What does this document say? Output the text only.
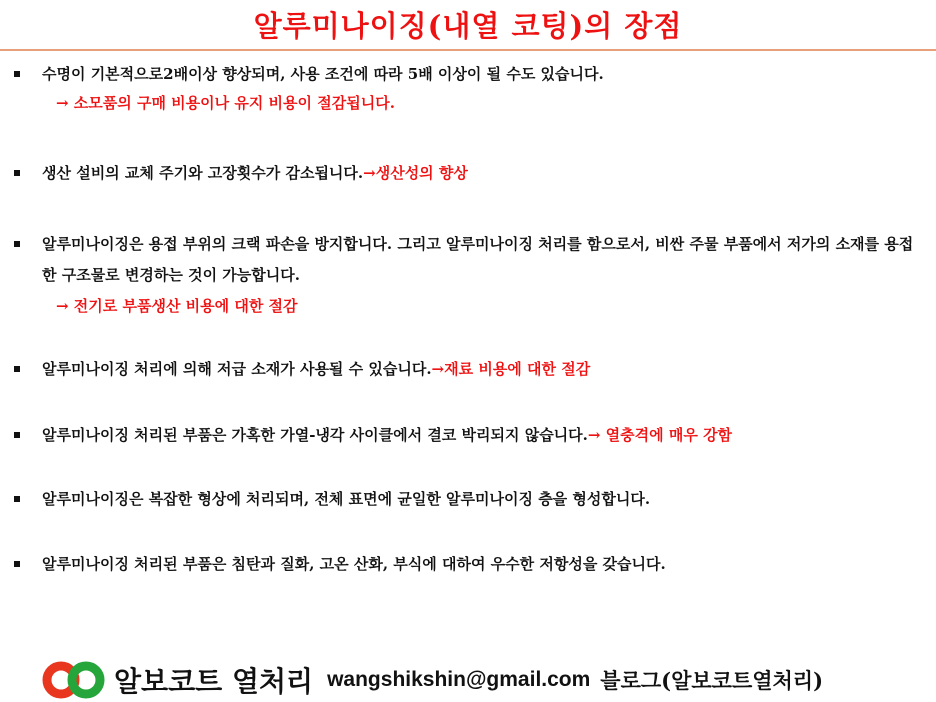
알루미나이징(내열 코팅)의 장점
수명이 기본적으로2배이상 향상되며, 사용 조건에 따라 5배 이상이 될 수도 있습니다.
→ 소모품의 구매 비용이나 유지 비용이 절감됩니다.
생산 설비의 교체 주기와 고장횟수가 감소됩니다.→생산성의 향상
알루미나이징은 용접 부위의 크랙 파손을 방지합니다. 그리고 알루미나이징 처리를 함으로서, 비싼 주물 부품에서 저가의 소재를 용접한 구조물로 변경하는 것이 가능합니다.
→ 전기로 부품생산 비용에 대한 절감
알루미나이징 처리에 의해 저급 소재가 사용될 수 있습니다.→재료 비용에 대한 절감
알루미나이징 처리된 부품은 가혹한 가열-냉각 사이클에서 결코 박리되지 않습니다.→ 열충격에 매우 강함
알루미나이징은 복잡한 형상에 처리되며, 전체 표면에 균일한 알루미나이징 층을 형성합니다.
알루미나이징 처리된 부품은 침탄과 질화, 고온 산화, 부식에 대하여 우수한 저항성을 갖습니다.
알보코트 열처리 wangshikshin@gmail.com 블로그(알보코트열처리)
